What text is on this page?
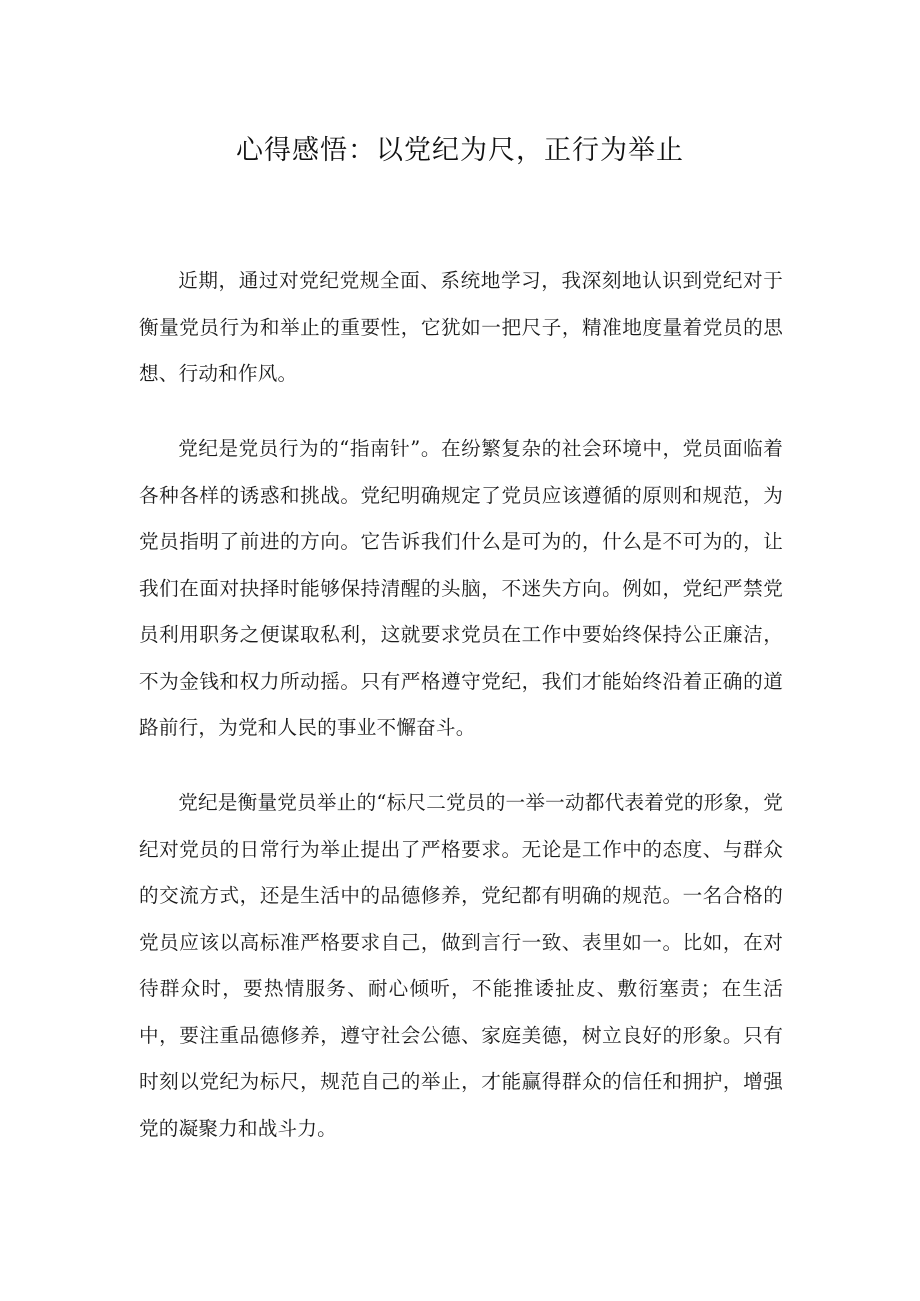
心得感悟：以党纪为尺，正行为举止

近期，通过对党纪党规全面、系统地学习，我深刻地认识到党纪对于衡量党员行为和举止的重要性，它犹如一把尺子，精准地度量着党员的思想、行动和作风。

党纪是党员行为的“指南针”。在纷繁复杂的社会环境中，党员面临着各种各样的诱惑和挑战。党纪明确规定了党员应该遵循的原则和规范，为党员指明了前进的方向。它告诉我们什么是可为的，什么是不可为的，让我们在面对抉择时能够保持清醒的头脑，不迷失方向。例如，党纪严禁党员利用职务之便谋取私利，这就要求党员在工作中要始终保持公正廉洁，不为金钱和权力所动摇。只有严格遵守党纪，我们才能始终沿着正确的道路前行，为党和人民的事业不懈奋斗。

党纪是衡量党员举止的“标尺二党员的一举一动都代表着党的形象，党纪对党员的日常行为举止提出了严格要求。无论是工作中的态度、与群众的交流方式，还是生活中的品德修养，党纪都有明确的规范。一名合格的党员应该以高标准严格要求自己，做到言行一致、表里如一。比如，在对待群众时，要热情服务、耐心倾听，不能推诿扯皮、敷衍塞责；在生活中，要注重品德修养，遵守社会公德、家庭美德，树立良好的形象。只有时刻以党纪为标尺，规范自己的举止，才能赢得群众的信任和拥护，增强党的凝聚力和战斗力。
